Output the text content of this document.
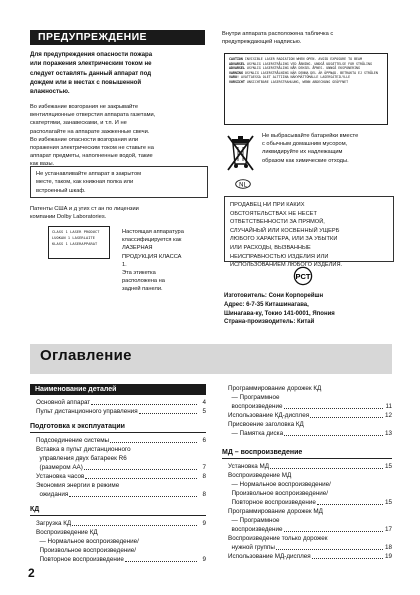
ПРЕДУПРЕЖДЕНИЕ
Для предупреждения опасности пожара
или поражения электрическим током не
следует оставлять данный аппарат под
дождем или в местах с повышенной
влажностью.
Во избежание возгорания не закрывайте
вентиляционные отверстия аппарата газетами,
скатертями, занавесками, и т.п. И не
располагайте на аппарате зажженные свечи.
Во избежание опасности возгорания или
поражения электрическим током не ставьте на
аппарат предметы, наполненные водой, такие
как вазы.
Не устанавливайте аппарат в закрытом
месте, таком, как книжная полка или
встроенный шкаф.
Патенты США и д угих ст ан по лицензии
компании Dolby Laboratories.
CLASS 1 LASER PRODUCT
LUOKAN 1 LASERLAITE
KLASS 1 LASERAPPARAT
Настоящая аппаратура
классифицируется как
ЛАЗЕРНАЯ
ПРОДУКЦИЯ КЛАССА
1.
Эта этикетка
расположена на
задней панели.
Внутри аппарата расположена табличка с
предупреждающей надписью.
CAUTION INVISIBLE LASER RADIATION WHEN OPEN. AVOID EXPOSURE TO BEAM
ADVARSEL USYNLIG LASERSTRÅLING VED ÅBNING. UNDGÅ UDSÆTTELSE FOR STRÅLING
ADVARSEL USYNLIG LASERSTRÅLING NÅR DEKSEL ÅPNES. UNNGÅ EKSPONERING
VARNING OSYNLIG LASERSTRÅLNING NÄR DENNA DEL ÄR ÖPPNAD. BETRAKTA EJ STRÅLEN
VARO! AVATTAESSA OLET ALTTIINA NÄKYMÄTTÖMÄLLE LASERSÄTEILYLLE
VORSICHT UNSICHTBARE LASERSTRAHLUNG, WENN ABDECKUNG GEÖFFNET
NL
Не выбрасывайте батарейки вместе
с обычным домашним мусором,
ликвидируйте их надлежащим
образом как химические отходы.
ПРОДАВЕЦ НИ ПРИ КАКИХ
ОБСТОЯТЕЛЬСТВАХ НЕ НЕСЕТ
ОТВЕТСТВЕННОСТИ ЗА ПРЯМОЙ,
СЛУЧАЙНЫЙ ИЛИ КОСВЕННЫЙ УЩЕРБ
ЛЮБОГО ХАРАКТЕРА, ИЛИ ЗА УБЫТКИ
ИЛИ РАСХОДЫ, ВЫЗВАННЫЕ
НЕИСПРАВНОСТЬЮ ИЗДЕЛИЯ ИЛИ
ИСПОЛЬЗОВАНИЕМ ЛЮБОГО ИЗДЕЛИЯ.
PCT
Изготовитель: Сони Корпорейшн
Адрес: 6-7-35 Киташинагава,
Шинагава-ку, Токио 141-0001, Япония
Страна-производитель: Китай
Оглавление
Наименование деталей
Основной аппарат	4
Пульт дистанционного управления	5
Подготовка к эксплуатации
Подсоединение системы	6
Вставка в пульт дистанционного
управления двух батареек R6
(размером AA)	7
Установка часов	8
Экономия энергии в режиме
ожидания	8
КД
Загрузка КД	9
Воспроизведение КД
— Нормальное воспроизведение/
Произвольное воспроизведение/
Повторное воспроизведение	9
Программирование дорожек КД
— Программное
воспроизведение	11
Использование КД-дисплея	12
Присвоение заголовка КД
— Памятка диска	13
МД – воспроизведение
Установка МД	15
Воспроизведение МД
— Нормальное воспроизведение/
Произвольное воспроизведение/
Повторное воспроизведение	15
Программирование дорожек МД
— Программное
воспроизведение	17
Воспроизведение только дорожек
нужной группы	18
Использование МД-дисплея	19
2
